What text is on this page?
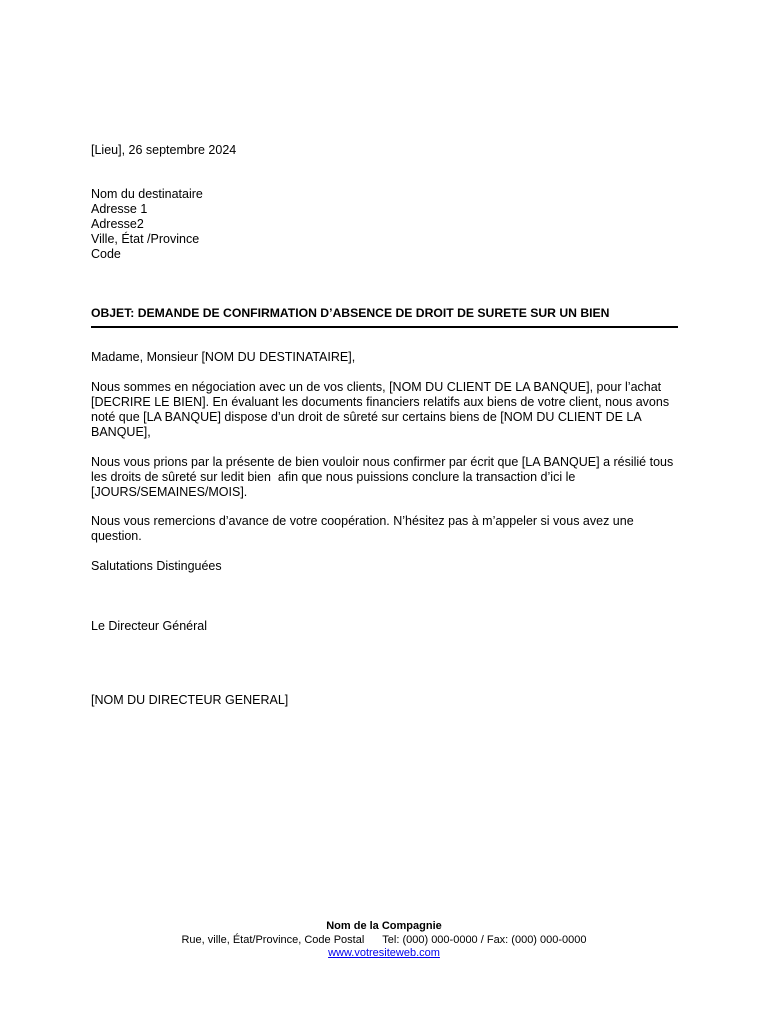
[Lieu], 26 septembre 2024
Nom du destinataire
Adresse 1
Adresse2
Ville, État /Province
Code
OBJET: DEMANDE DE CONFIRMATION D’ABSENCE DE DROIT DE SURETE SUR UN BIEN
Madame, Monsieur [NOM DU DESTINATAIRE],
Nous sommes en négociation avec un de vos clients, [NOM DU CLIENT DE LA BANQUE], pour l’achat
[DECRIRE LE BIEN]. En évaluant les documents financiers relatifs aux biens de votre client, nous avons
noté que [LA BANQUE] dispose d’un droit de sûreté sur certains biens de [NOM DU CLIENT DE LA
BANQUE],
Nous vous prions par la présente de bien vouloir nous confirmer par écrit que [LA BANQUE] a résilié tous
les droits de sûreté sur ledit bien  afin que nous puissions conclure la transaction d’ici le
[JOURS/SEMAINES/MOIS].
Nous vous remercions d’avance de votre coopération. N’hésitez pas à m’appeler si vous avez une
question.
Salutations Distinguées
Le Directeur Général
[NOM DU DIRECTEUR GENERAL]
Nom de la Compagnie
Rue, ville, État/Province, Code Postal Tel: (000) 000-0000 / Fax: (000) 000-0000
www.votresiteweb.com
